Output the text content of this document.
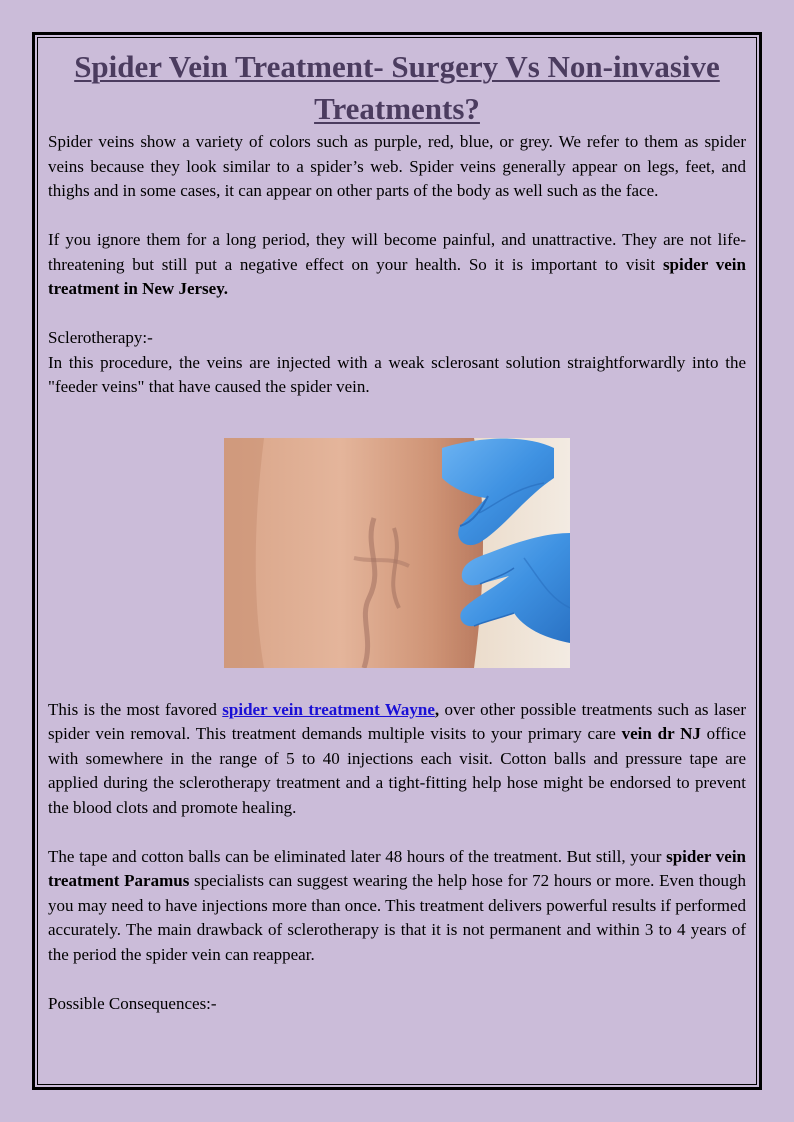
Spider Vein Treatment- Surgery Vs Non-invasive Treatments?

Spider veins show a variety of colors such as purple, red, blue, or grey. We refer to them as spider veins because they look similar to a spider’s web. Spider veins generally appear on legs, feet, and thighs and in some cases, it can appear on other parts of the body as well such as the face.

If you ignore them for a long period, they will become painful, and unattractive. They are not life-threatening but still put a negative effect on your health. So it is important to visit spider vein treatment in New Jersey.

Sclerotherapy:-

In this procedure, the veins are injected with a weak sclerosant solution straightforwardly into the "feeder veins" that have caused the spider vein.

This is the most favored spider vein treatment Wayne, over other possible treatments such as laser spider vein removal. This treatment demands multiple visits to your primary care vein dr NJ office with somewhere in the range of 5 to 40 injections each visit. Cotton balls and pressure tape are applied during the sclerotherapy treatment and a tight-fitting help hose might be endorsed to prevent the blood clots and promote healing.

The tape and cotton balls can be eliminated later 48 hours of the treatment. But still, your spider vein treatment Paramus specialists can suggest wearing the help hose for 72 hours or more. Even though you may need to have injections more than once. This treatment delivers powerful results if performed accurately. The main drawback of sclerotherapy is that it is not permanent and within 3 to 4 years of the period the spider vein can reappear.

Possible Consequences:-
